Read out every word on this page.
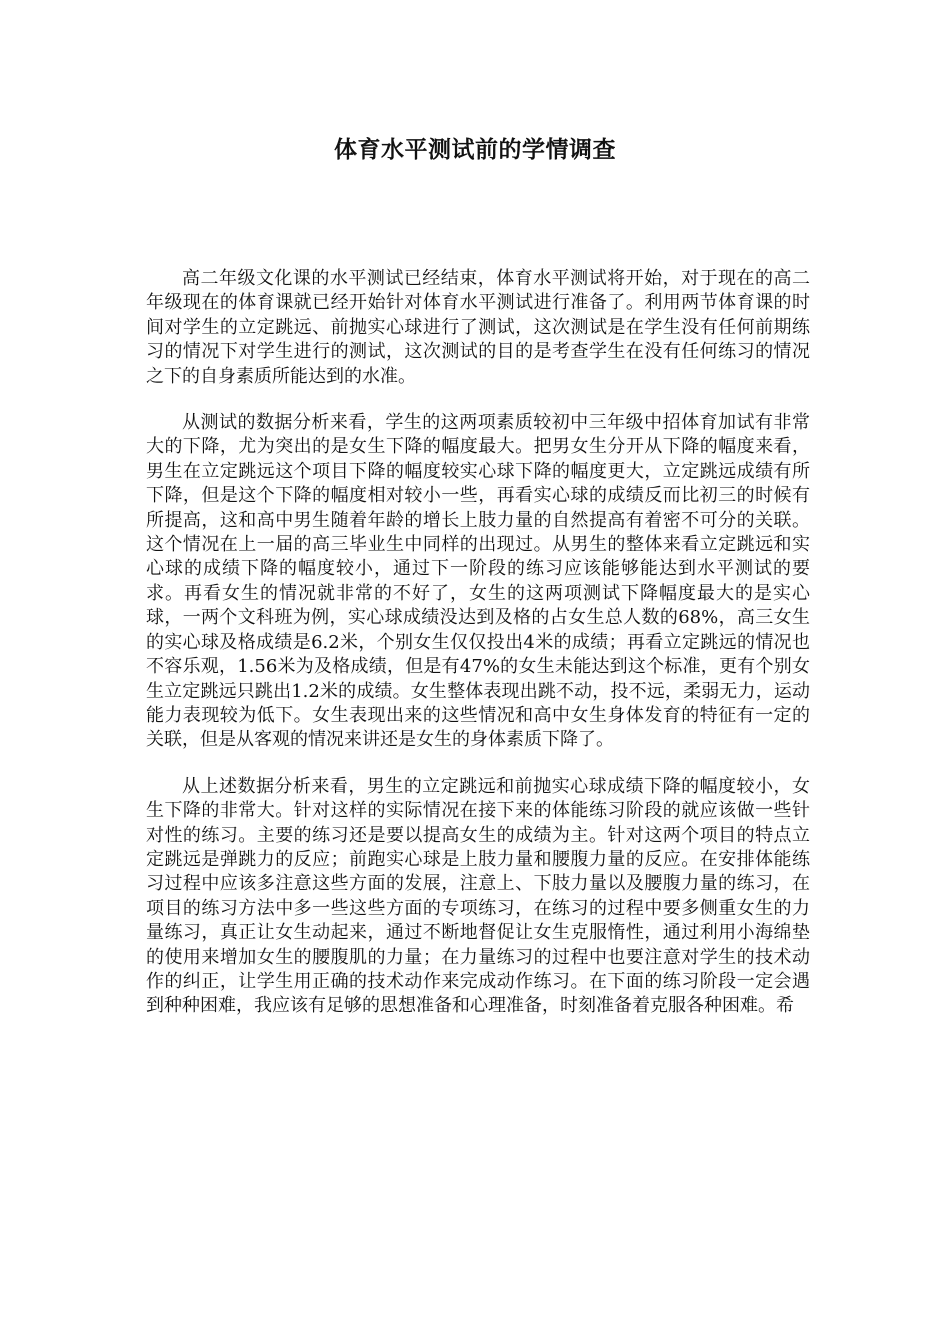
体育水平测试前的学情调查

高二年级文化课的水平测试已经结束，体育水平测试将开始，对于现在的高二年级现在的体育课就已经开始针对体育水平测试进行准备了。利用两节体育课的时间对学生的立定跳远、前抛实心球进行了测试，这次测试是在学生没有任何前期练习的情况下对学生进行的测试，这次测试的目的是考查学生在没有任何练习的情况之下的自身素质所能达到的水准。

从测试的数据分析来看，学生的这两项素质较初中三年级中招体育加试有非常大的下降，尤为突出的是女生下降的幅度最大。把男女生分开从下降的幅度来看，男生在立定跳远这个项目下降的幅度较实心球下降的幅度更大，立定跳远成绩有所下降，但是这个下降的幅度相对较小一些，再看实心球的成绩反而比初三的时候有所提高，这和高中男生随着年龄的增长上肢力量的自然提高有着密不可分的关联。这个情况在上一届的高三毕业生中同样的出现过。从男生的整体来看立定跳远和实心球的成绩下降的幅度较小，通过下一阶段的练习应该能够能达到水平测试的要求。再看女生的情况就非常的不好了，女生的这两项测试下降幅度最大的是实心球，一两个文科班为例，实心球成绩没达到及格的占女生总人数的68%，高三女生的实心球及格成绩是6.2米，个别女生仅仅投出4米的成绩；再看立定跳远的情况也不容乐观，1.56米为及格成绩，但是有47%的女生未能达到这个标准，更有个别女生立定跳远只跳出1.2米的成绩。女生整体表现出跳不动，投不远，柔弱无力，运动能力表现较为低下。女生表现出来的这些情况和高中女生身体发育的特征有一定的关联，但是从客观的情况来讲还是女生的身体素质下降了。

从上述数据分析来看，男生的立定跳远和前抛实心球成绩下降的幅度较小，女生下降的非常大。针对这样的实际情况在接下来的体能练习阶段的就应该做一些针对性的练习。主要的练习还是要以提高女生的成绩为主。针对这两个项目的特点立定跳远是弹跳力的反应；前跑实心球是上肢力量和腰腹力量的反应。在安排体能练习过程中应该多注意这些方面的发展，注意上、下肢力量以及腰腹力量的练习，在项目的练习方法中多一些这些方面的专项练习，在练习的过程中要多侧重女生的力量练习，真正让女生动起来，通过不断地督促让女生克服惰性，通过利用小海绵垫的使用来增加女生的腰腹肌的力量；在力量练习的过程中也要注意对学生的技术动作的纠正，让学生用正确的技术动作来完成动作练习。在下面的练习阶段一定会遇到种种困难，我应该有足够的思想准备和心理准备，时刻准备着克服各种困难。希
